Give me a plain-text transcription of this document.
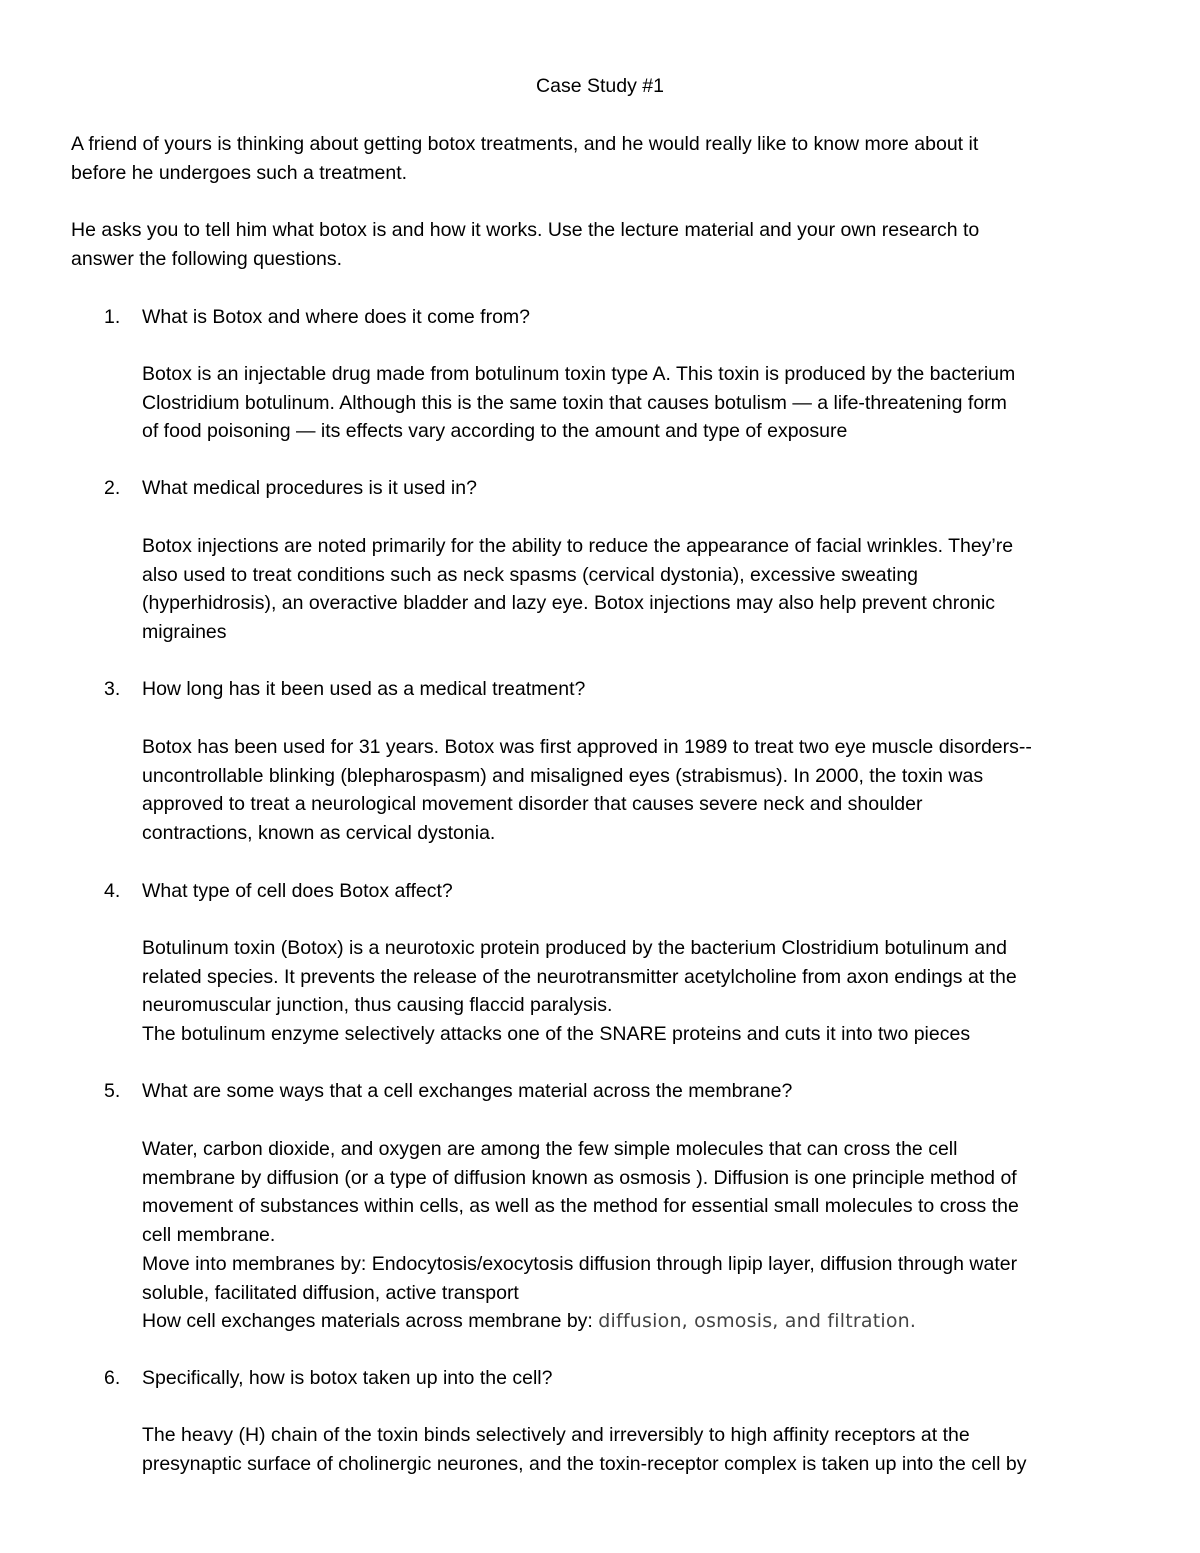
Case Study #1

A friend of yours is thinking about getting botox treatments, and he would really like to know more about it
before he undergoes such a treatment.

He asks you to tell him what botox is and how it works. Use the lecture material and your own research to
answer the following questions.

1.	What is Botox and where does it come from?
Botox is an injectable drug made from botulinum toxin type A. This toxin is produced by the bacterium
Clostridium botulinum. Although this is the same toxin that causes botulism — a life-threatening form
of food poisoning — its effects vary according to the amount and type of exposure
2.	What medical procedures is it used in?
Botox injections are noted primarily for the ability to reduce the appearance of facial wrinkles. They’re
also used to treat conditions such as neck spasms (cervical dystonia), excessive sweating
(hyperhidrosis), an overactive bladder and lazy eye. Botox injections may also help prevent chronic
migraines
3.	How long has it been used as a medical treatment?
Botox has been used for 31 years. Botox was first approved in 1989 to treat two eye muscle disorders--
uncontrollable blinking (blepharospasm) and misaligned eyes (strabismus). In 2000, the toxin was
approved to treat a neurological movement disorder that causes severe neck and shoulder
contractions, known as cervical dystonia.
4.	What type of cell does Botox affect?
Botulinum toxin (Botox) is a neurotoxic protein produced by the bacterium Clostridium botulinum and
related species. It prevents the release of the neurotransmitter acetylcholine from axon endings at the
neuromuscular junction, thus causing flaccid paralysis.
The botulinum enzyme selectively attacks one of the SNARE proteins and cuts it into two pieces
5.	What are some ways that a cell exchanges material across the membrane?
Water, carbon dioxide, and oxygen are among the few simple molecules that can cross the cell
membrane by diffusion (or a type of diffusion known as osmosis ). Diffusion is one principle method of
movement of substances within cells, as well as the method for essential small molecules to cross the
cell membrane.
Move into membranes by: Endocytosis/exocytosis diffusion through lipip layer, diffusion through water
soluble, facilitated diffusion, active transport
How cell exchanges materials across membrane by: diffusion, osmosis, and filtration.
6.	Specifically, how is botox taken up into the cell?
The heavy (H) chain of the toxin binds selectively and irreversibly to high affinity receptors at the
presynaptic surface of cholinergic neurones, and the toxin-receptor complex is taken up into the cell by
